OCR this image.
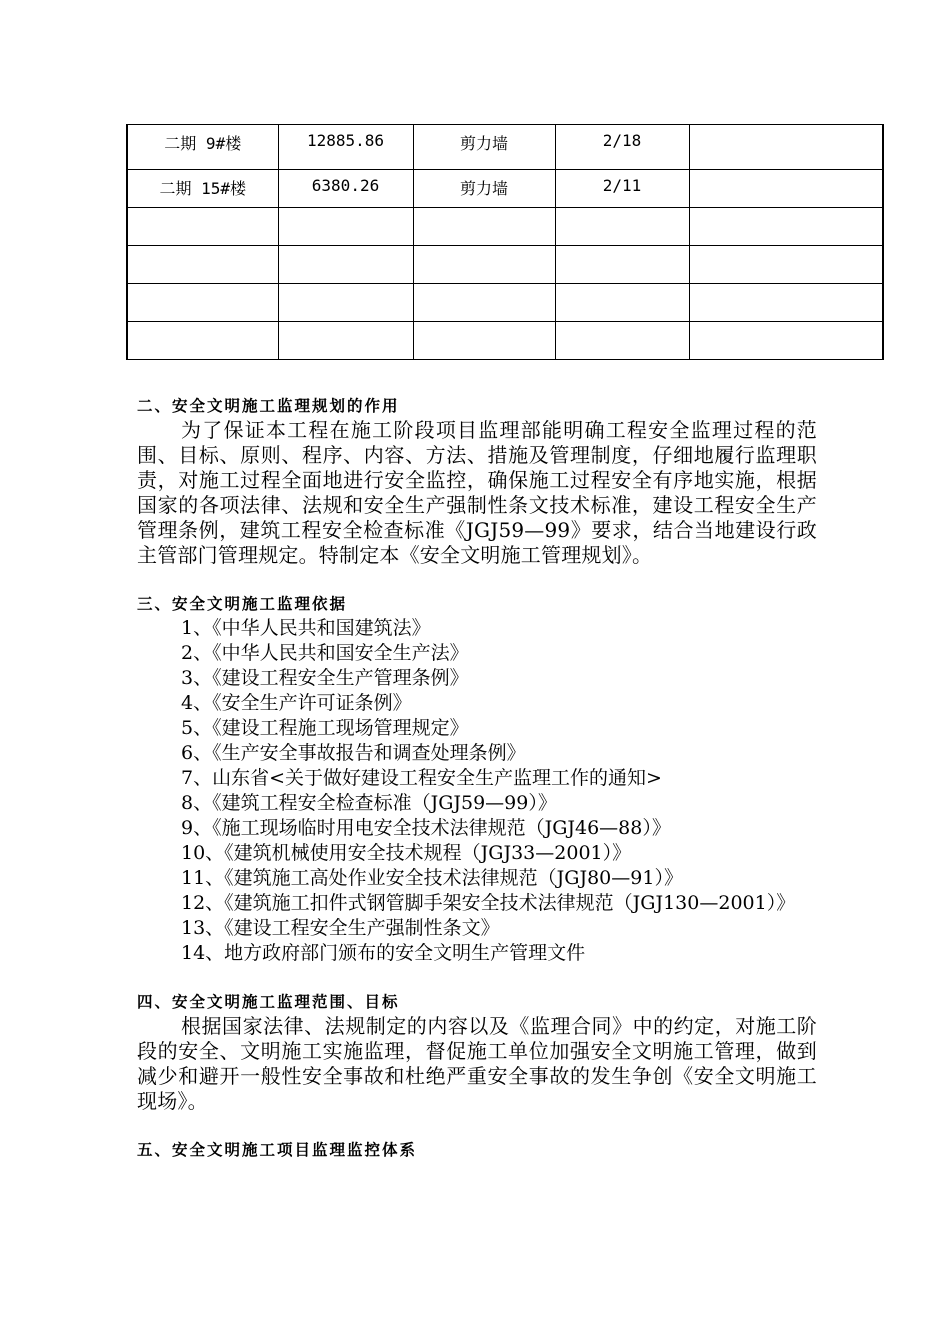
二期 9#楼	12885.86	剪力墙	2/18	
二期 15#楼	6380.26	剪力墙	2/11	

二、安全文明施工监理规划的作用

为了保证本工程在施工阶段项目监理部能明确工程安全监理过程的范围、目标、原则、程序、内容、方法、措施及管理制度，仔细地履行监理职责，对施工过程全面地进行安全监控，确保施工过程安全有序地实施，根据国家的各项法律、法规和安全生产强制性条文技术标准，建设工程安全生产管理条例，建筑工程安全检查标准《JGJ59—99》要求，结合当地建设行政主管部门管理规定。特制定本《安全文明施工管理规划》。

三、安全文明施工监理依据
1、《中华人民共和国建筑法》
2、《中华人民共和国安全生产法》
3、《建设工程安全生产管理条例》
4、《安全生产许可证条例》
5、《建设工程施工现场管理规定》
6、《生产安全事故报告和调查处理条例》
7、山东省<关于做好建设工程安全生产监理工作的通知>
8、《建筑工程安全检查标准（JGJ59—99）》
9、《施工现场临时用电安全技术法律规范（JGJ46—88）》
10、《建筑机械使用安全技术规程（JGJ33—2001）》
11、《建筑施工高处作业安全技术法律规范（JGJ80—91）》
12、《建筑施工扣件式钢管脚手架安全技术法律规范（JGJ130—2001）》
13、《建设工程安全生产强制性条文》
14、地方政府部门颁布的安全文明生产管理文件
四、安全文明施工监理范围、目标

根据国家法律、法规制定的内容以及《监理合同》中的约定，对施工阶段的安全、文明施工实施监理，督促施工单位加强安全文明施工管理，做到减少和避开一般性安全事故和杜绝严重安全事故的发生争创《安全文明施工现场》。

五、安全文明施工项目监理监控体系
